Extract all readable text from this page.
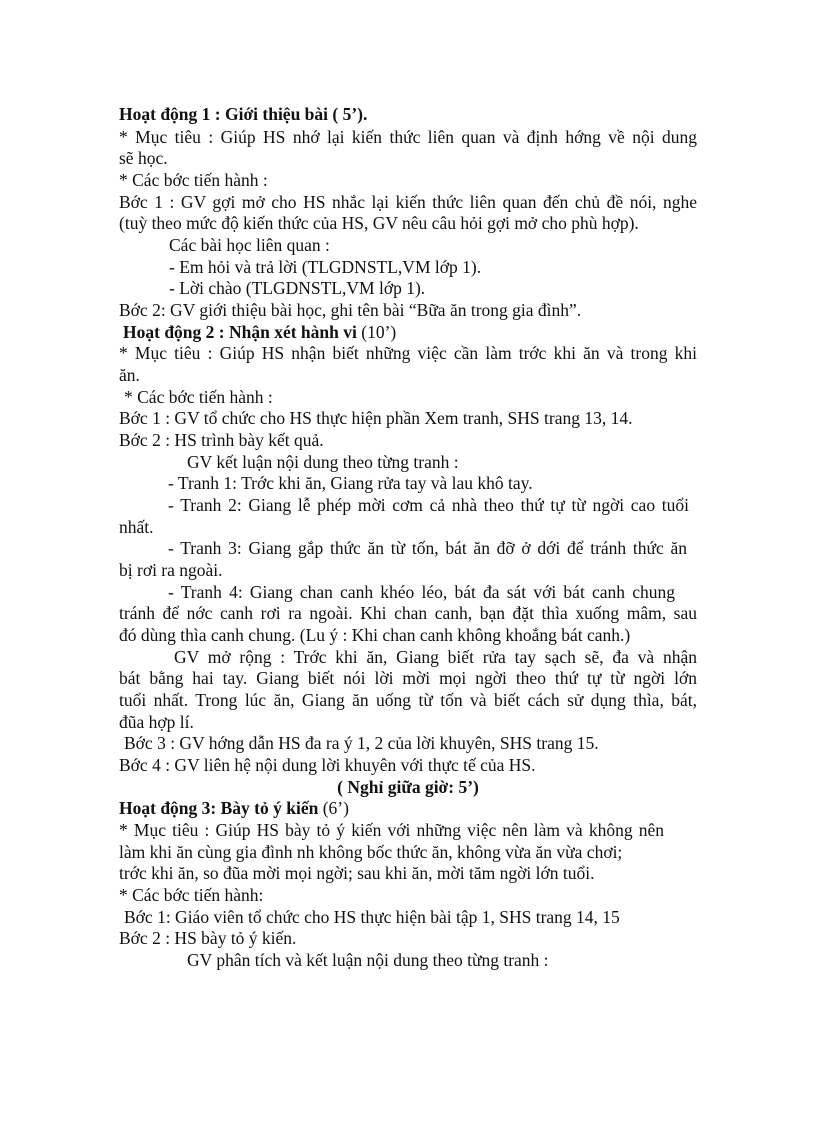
Hoạt động 1 : Giới thiệu bài ( 5’).
* Mục tiêu : Giúp HS nhớ lại kiến thức liên quan và định hớng về nội dung
sẽ học.
* Các bớc tiến hành :
Bớc 1 : GV gợi mở cho HS nhắc lại kiến thức liên quan đến chủ đề nói, nghe
(tuỳ theo mức độ kiến thức của HS, GV nêu câu hỏi gợi mở cho phù hợp).
Các bài học liên quan :
- Em hỏi và trả lời (TLGDNSTL,VM lớp 1).
- Lời chào (TLGDNSTL,VM lớp 1).
Bớc 2: GV giới thiệu bài học, ghi tên bài “Bữa ăn trong gia đình”.
Hoạt động 2 : Nhận xét hành vi (10’)
* Mục tiêu : Giúp HS nhận biết những việc cần làm trớc khi ăn và trong khi
ăn.
* Các bớc tiến hành :
Bớc 1 : GV tổ chức cho HS thực hiện phần Xem tranh, SHS trang 13, 14.
Bớc 2 : HS trình bày kết quả.
GV kết luận nội dung theo từng tranh :
- Tranh 1: Trớc khi ăn, Giang rửa tay và lau khô tay.
- Tranh 2: Giang lễ phép mời cơm cả nhà theo thứ tự từ ngời cao tuổi
nhất.
- Tranh 3: Giang gắp thức ăn từ tốn, bát ăn đỡ ở dới để tránh thức ăn
bị rơi ra ngoài.
- Tranh 4: Giang chan canh khéo léo, bát đa sát với bát canh chung
tránh để nớc canh rơi ra ngoài. Khi chan canh, bạn đặt thìa xuống mâm, sau
đó dùng thìa canh chung. (Lu ý : Khi chan canh không khoắng bát canh.)
GV mở rộng : Trớc khi ăn, Giang biết rửa tay sạch sẽ, đa và nhận
bát bằng hai tay. Giang biết nói lời mời mọi ngời theo thứ tự từ ngời lớn
tuổi nhất. Trong lúc ăn, Giang ăn uống từ tốn và biết cách sử dụng thìa, bát,
đũa hợp lí.
Bớc 3 : GV hớng dẫn HS đa ra ý 1, 2 của lời khuyên, SHS trang 15.
Bớc 4 : GV liên hệ nội dung lời khuyên với thực tế của HS.
( Nghỉ giữa giờ: 5’)
Hoạt động 3: Bày tỏ ý kiến (6’)
* Mục tiêu : Giúp HS bày tỏ ý kiến với những việc nên làm và không nên
làm khi ăn cùng gia đình nh không bốc thức ăn, không vừa ăn vừa chơi;
trớc khi ăn, so đũa mời mọi ngời; sau khi ăn, mời tăm ngời lớn tuổi.
* Các bớc tiến hành:
Bớc 1: Giáo viên tổ chức cho HS thực hiện bài tập 1, SHS trang 14, 15
Bớc 2 : HS bày tỏ ý kiến.
GV phân tích và kết luận nội dung theo từng tranh :
